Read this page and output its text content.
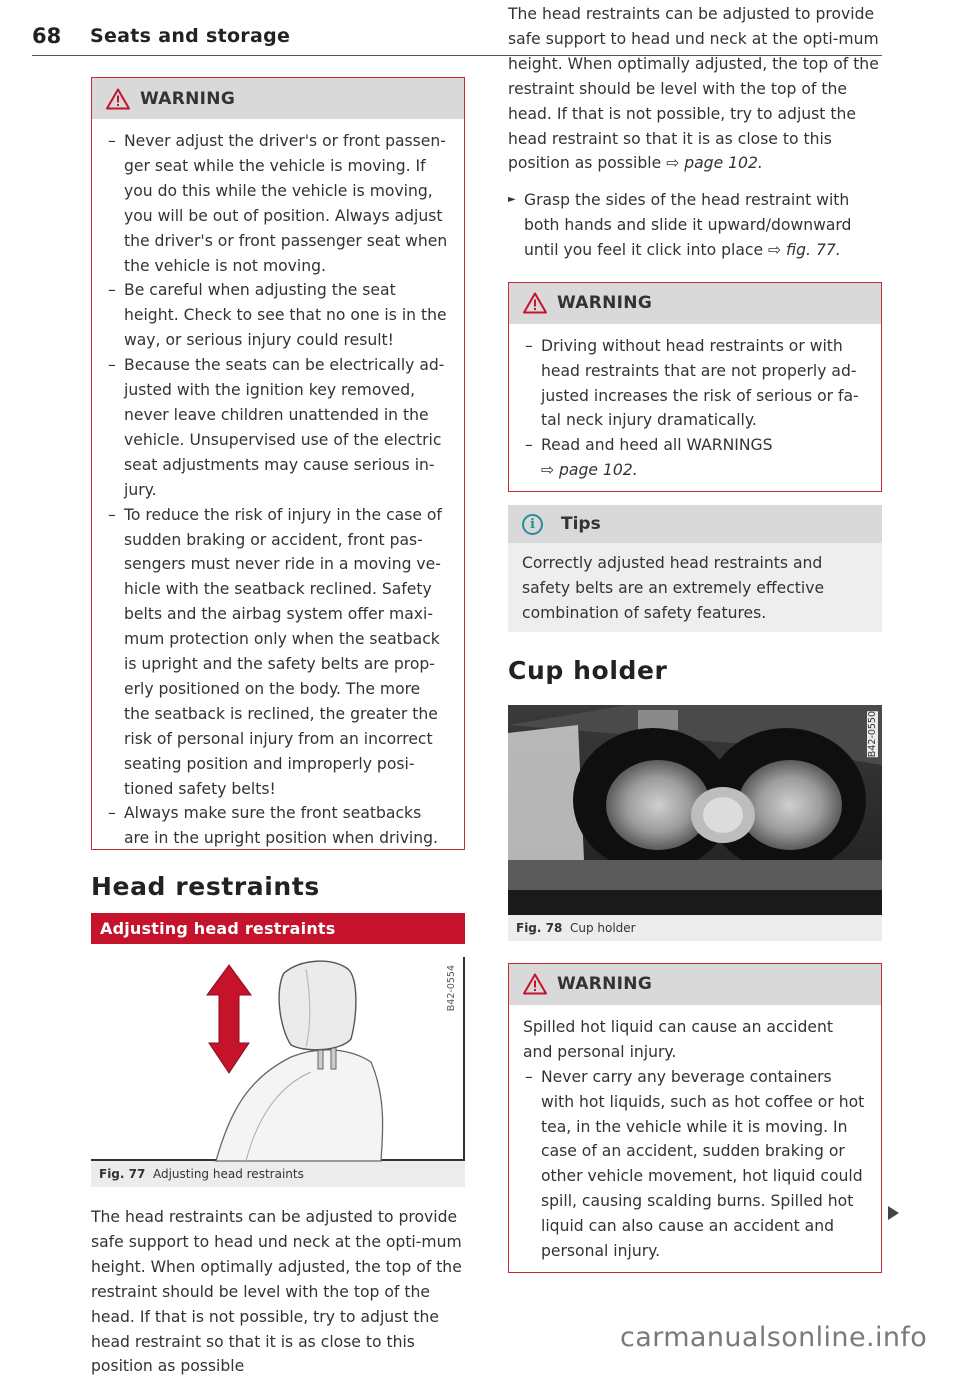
68 Seats and storage
WARNING
– Never adjust the driver's or front passen-ger seat while the vehicle is moving. If you do this while the vehicle is moving, you will be out of position. Always adjust the driver's or front passenger seat when the vehicle is not moving.
– Be careful when adjusting the seat height. Check to see that no one is in the way, or serious injury could result!
– Because the seats can be electrically ad-justed with the ignition key removed, never leave children unattended in the vehicle. Unsupervised use of the electric seat adjustments may cause serious in-jury.
– To reduce the risk of injury in the case of sudden braking or accident, front pas-sengers must never ride in a moving ve-hicle with the seatback reclined. Safety belts and the airbag system offer maxi-mum protection only when the seatback is upright and the safety belts are prop-erly positioned on the body. The more the seatback is reclined, the greater the risk of personal injury from an incorrect seating position and improperly posi-tioned safety belts!
– Always make sure the front seatbacks are in the upright position when driving.
Head restraints
Adjusting head restraints
B42-0554
Fig. 77 Adjusting head restraints
The head restraints can be adjusted to provide safe support to head und neck at the opti-mum height. When optimally adjusted, the top of the restraint should be level with the top of the head. If that is not possible, try to adjust the head restraint so that it is as close to this position as possible
The head restraints can be adjusted to provide safe support to head und neck at the opti-mum height. When optimally adjusted, the top of the restraint should be level with the top of the head. If that is not possible, try to adjust the head restraint so that it is as close to this position as possible ⇨ page 102.
► Grasp the sides of the head restraint with both hands and slide it upward/downward until you feel it click into place ⇨ fig. 77.
WARNING
– Driving without head restraints or with head restraints that are not properly ad-justed increases the risk of serious or fa-tal neck injury dramatically.
– Read and heed all WARNINGS
⇨ page 102.
i	Tips
Correctly adjusted head restraints and safety belts are an extremely effective combination of safety features.
Cup holder
B42-0550
Fig. 78 Cup holder
WARNING
Spilled hot liquid can cause an accident and personal injury.
– Never carry any beverage containers with hot liquids, such as hot coffee or hot tea, in the vehicle while it is moving. In case of an accident, sudden braking or other vehicle movement, hot liquid could spill, causing scalding burns. Spilled hot liquid can also cause an accident and personal injury.
carmanualsonline.info
